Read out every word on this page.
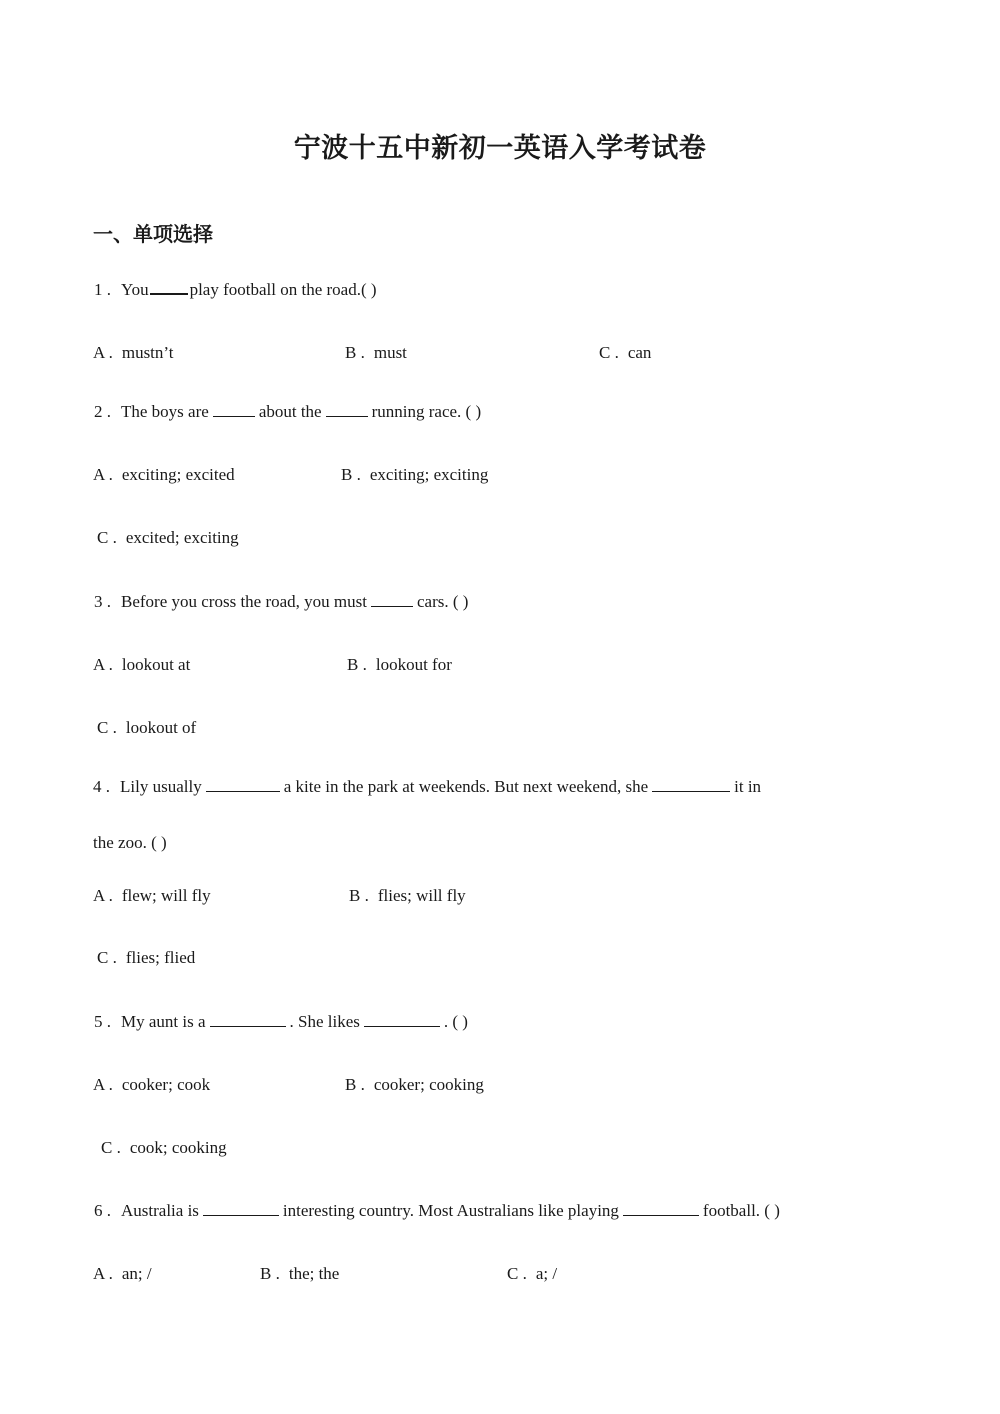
宁波十五中新初一英语入学考试卷
一、单项选择
1 . You play football on the road.( )
A . mustn’t	B . must	C . can
2 . The boys are	about the	running race. ( )
A . exciting; excited	B . exciting; exciting
C . excited; exciting
3 . Before you cross the road, you must	cars. ( )
A . lookout at	B . lookout for
C . lookout of
4 . Lily usually	a kite in the park at weekends. But next weekend, she	it in
the zoo. ( )
A . flew; will fly	B . flies; will fly
C . flies; flied
5 . My aunt is a	. She likes	. ( )
A . cooker; cook	B . cooker; cooking
C . cook; cooking
6 . Australia is	interesting country. Most Australians like playing	football. ( )
A . an; /	B . the; the	C . a; /
